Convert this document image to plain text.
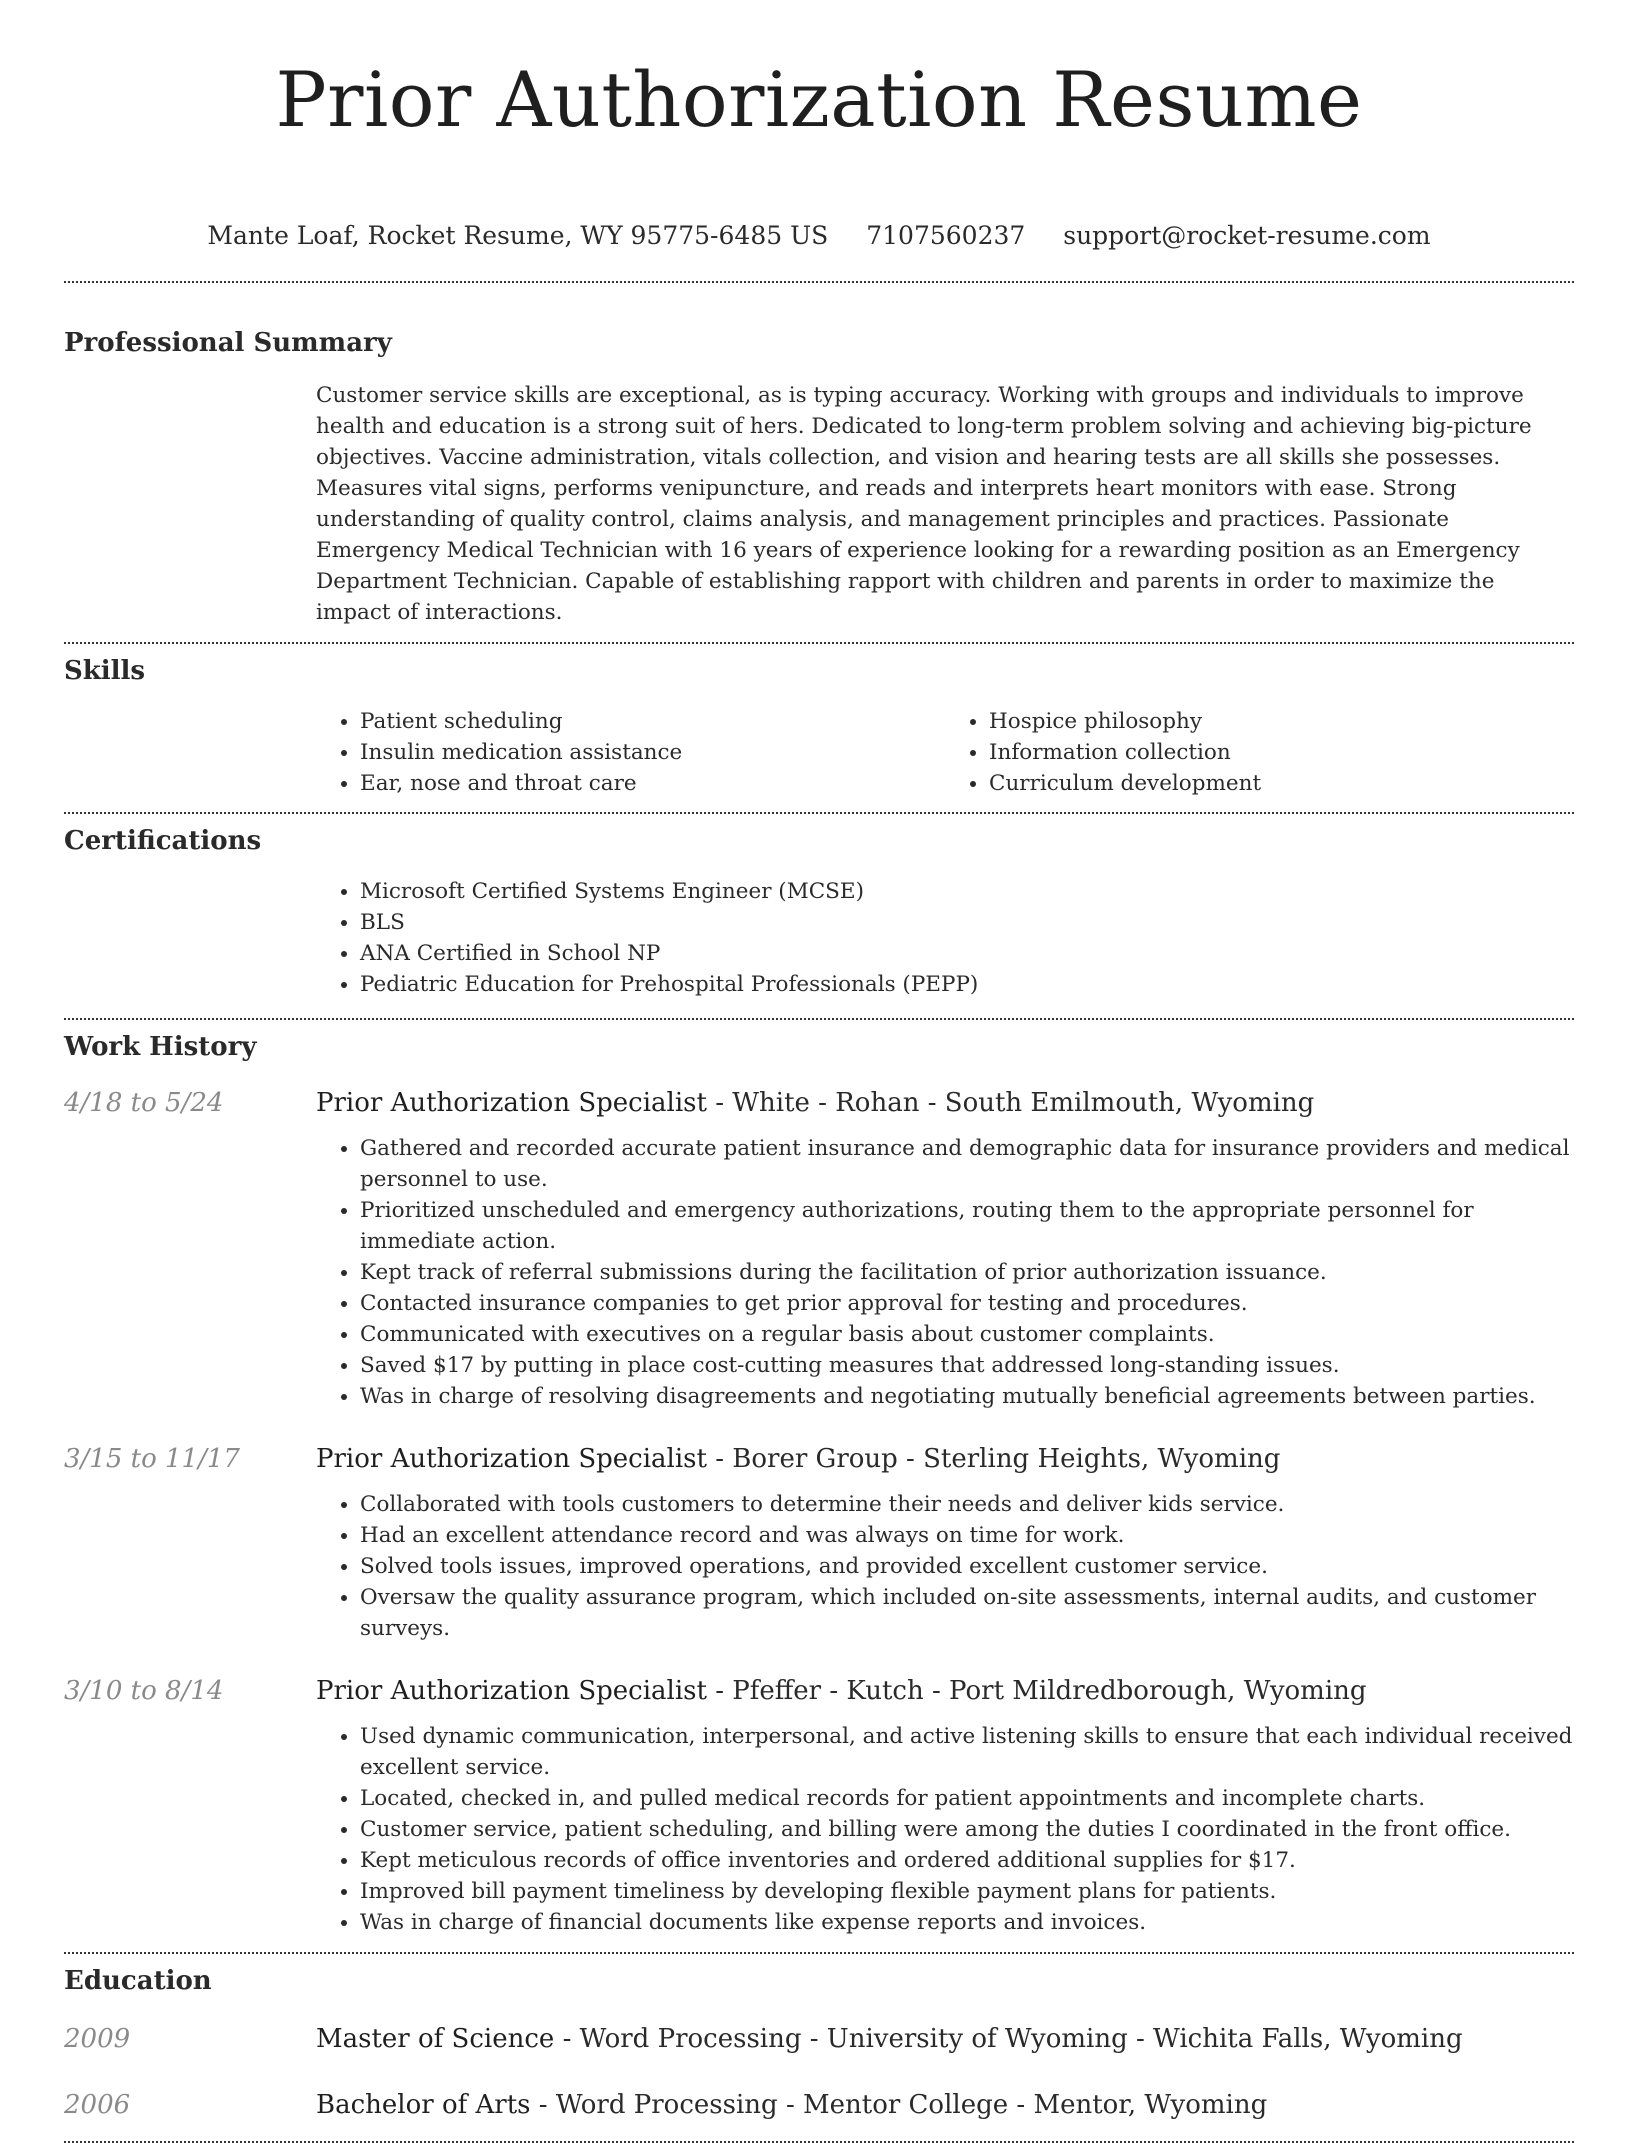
Prior Authorization Resume
Mante Loaf, Rocket Resume, WY 95775-6485 US 7107560237 support@rocket-resume.com
Professional Summary

Customer service skills are exceptional, as is typing accuracy. Working with groups and individuals to improve health and education is a strong suit of hers. Dedicated to long-term problem solving and achieving big-picture objectives. Vaccine administration, vitals collection, and vision and hearing tests are all skills she possesses. Measures vital signs, performs venipuncture, and reads and interprets heart monitors with ease. Strong understanding of quality control, claims analysis, and management principles and practices. Passionate Emergency Medical Technician with 16 years of experience looking for a rewarding position as an Emergency Department Technician. Capable of establishing rapport with children and parents in order to maximize the impact of interactions.

Skills
• Patient scheduling
• Insulin medication assistance
• Ear, nose and throat care
• Hospice philosophy
• Information collection
• Curriculum development
Certifications
• Microsoft Certified Systems Engineer (MCSE)
• BLS
• ANA Certified in School NP
• Pediatric Education for Prehospital Professionals (PEPP)
Work History
4/18 to 5/24	Prior Authorization Specialist - White - Rohan - South Emilmouth, Wyoming

• Gathered and recorded accurate patient insurance and demographic data for insurance providers and medical personnel to use.
• Prioritized unscheduled and emergency authorizations, routing them to the appropriate personnel for immediate action.
• Kept track of referral submissions during the facilitation of prior authorization issuance.
• Contacted insurance companies to get prior approval for testing and procedures.
• Communicated with executives on a regular basis about customer complaints.
• Saved $17 by putting in place cost-cutting measures that addressed long-standing issues.
• Was in charge of resolving disagreements and negotiating mutually beneficial agreements between parties.
3/15 to 11/17	Prior Authorization Specialist - Borer Group - Sterling Heights, Wyoming

• Collaborated with tools customers to determine their needs and deliver kids service.
• Had an excellent attendance record and was always on time for work.
• Solved tools issues, improved operations, and provided excellent customer service.
• Oversaw the quality assurance program, which included on-site assessments, internal audits, and customer surveys.
3/10 to 8/14	Prior Authorization Specialist - Pfeffer - Kutch - Port Mildredborough, Wyoming

• Used dynamic communication, interpersonal, and active listening skills to ensure that each individual received excellent service.
• Located, checked in, and pulled medical records for patient appointments and incomplete charts.
• Customer service, patient scheduling, and billing were among the duties I coordinated in the front office.
• Kept meticulous records of office inventories and ordered additional supplies for $17.
• Improved bill payment timeliness by developing flexible payment plans for patients.
• Was in charge of financial documents like expense reports and invoices.
Education
2009	Master of Science - Word Processing - University of Wyoming - Wichita Falls, Wyoming

2006	Bachelor of Arts - Word Processing - Mentor College - Mentor, Wyoming
